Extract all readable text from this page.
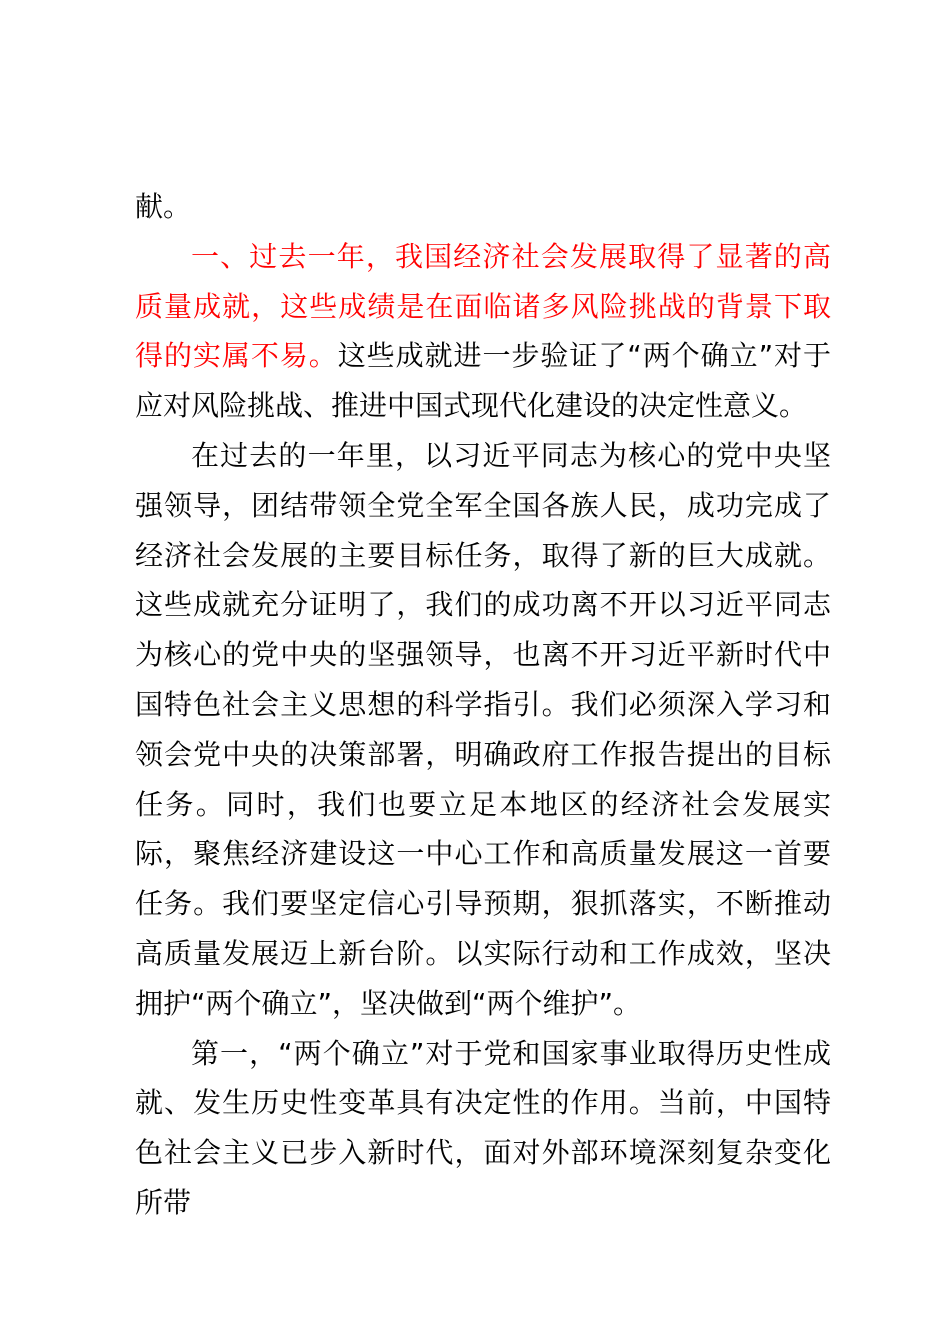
献。

一、过去一年，我国经济社会发展取得了显著的高质量成就，这些成绩是在面临诸多风险挑战的背景下取得的实属不易。这些成就进一步验证了“两个确立”对于应对风险挑战、推进中国式现代化建设的决定性意义。

在过去的一年里，以习近平同志为核心的党中央坚强领导，团结带领全党全军全国各族人民，成功完成了经济社会发展的主要目标任务，取得了新的巨大成就。这些成就充分证明了，我们的成功离不开以习近平同志为核心的党中央的坚强领导，也离不开习近平新时代中国特色社会主义思想的科学指引。我们必须深入学习和领会党中央的决策部署，明确政府工作报告提出的目标任务。同时，我们也要立足本地区的经济社会发展实际，聚焦经济建设这一中心工作和高质量发展这一首要任务。我们要坚定信心引导预期，狠抓落实，不断推动高质量发展迈上新台阶。以实际行动和工作成效，坚决拥护“两个确立”，坚决做到“两个维护”。

第一，“两个确立”对于党和国家事业取得历史性成就、发生历史性变革具有决定性的作用。当前，中国特色社会主义已步入新时代，面对外部环境深刻复杂变化所带
